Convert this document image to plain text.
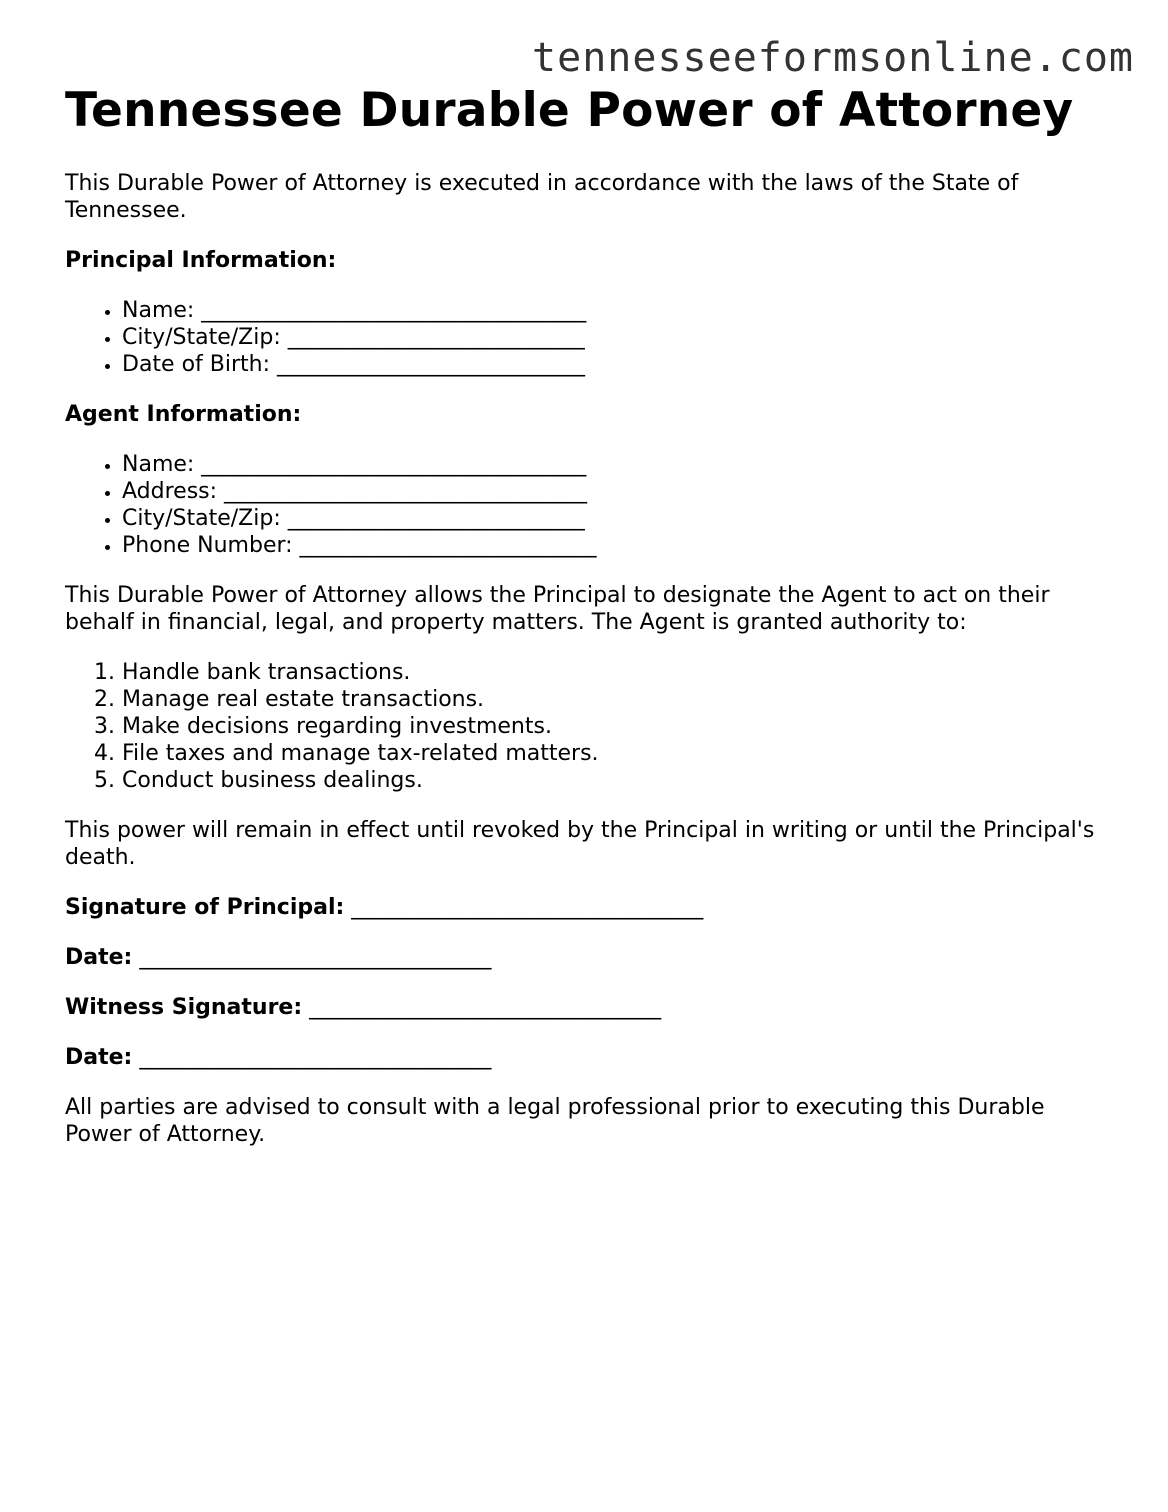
tennesseeformsonline.com
Tennessee Durable Power of Attorney

This Durable Power of Attorney is executed in accordance with the laws of the State of Tennessee.

Principal Information:
• Name: ___________________________________
• City/State/Zip: ___________________________
• Date of Birth: ____________________________
Agent Information:
• Name: ___________________________________
• Address: _________________________________
• City/State/Zip: ___________________________
• Phone Number: ___________________________

This Durable Power of Attorney allows the Principal to designate the Agent to act on their behalf in financial, legal, and property matters. The Agent is granted authority to:

1. Handle bank transactions.
2. Manage real estate transactions.
3. Make decisions regarding investments.
4. File taxes and manage tax-related matters.
5. Conduct business dealings.

This power will remain in effect until revoked by the Principal in writing or until the Principal's death.

Signature of Principal: ________________________________
Date: ________________________________
Witness Signature: ________________________________
Date: ________________________________

All parties are advised to consult with a legal professional prior to executing this Durable Power of Attorney.
